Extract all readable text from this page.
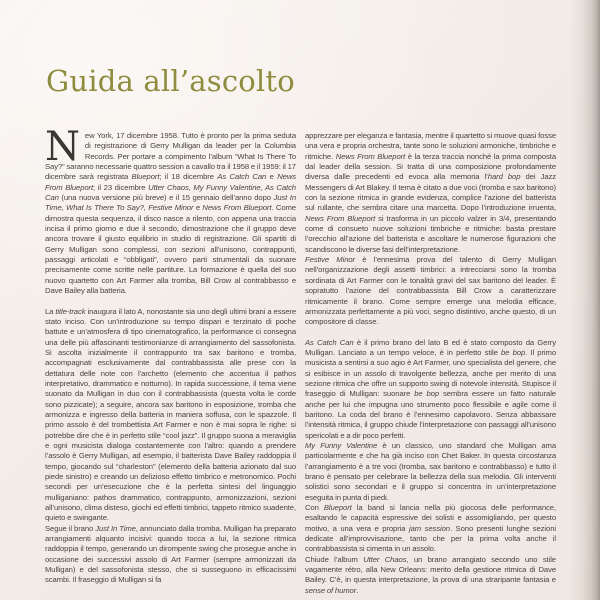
Guida all’ascolto

New York, 17 dicembre 1958. Tutto è pronto per la prima seduta di registrazione di Gerry Mulligan da leader per la Columbia Records. Per portare a compimento l’album “What Is There To Say?” saranno necessarie quattro session a cavallo tra il 1958 e il 1959: il 17 dicembre sarà registrata Blueport; il 18 dicembre As Catch Can e News From Blueport; il 23 dicembre Utter Chaos, My Funny Valentine, As Catch Can (una nuova versione più breve) e il 15 gennaio dell’anno dopo Just In Time, What Is There To Say?, Festive Minor e News From Blueport. Come dimostra questa sequenza, il disco nasce a rilento, con appena una traccia incisa il primo giorno e due il secondo, dimostrazione che il gruppo deve ancora trovare il giusto equilibrio in studio di registrazione. Gli spartiti di Gerry Mulligan sono complessi, con sezioni all’unisono, contrappunti, passaggi articolati e “obbligati”, ovvero parti strumentali da suonare precisamente come scritte nelle partiture. La formazione è quella del suo nuovo quartetto con Art Farmer alla tromba, Bill Crow al contrabbasso e Dave Bailey alla batteria.

La title-track inaugura il lato A, nonostante sia uno degli ultimi brani a essere stato inciso. Con un’introduzione su tempo dispari e terzinato di poche battute e un’atmosfera di tipo cinematografico, la performance ci consegna una delle più affascinanti testimonianze di arrangiamento del sassofonista. Si ascolta inizialmente il contrappunto tra sax baritono e tromba, accompagnati esclusivamente dal contrabbassista alle prese con la dettatura delle note con l’archetto (elemento che accentua il pathos interpretativo, drammatico e notturno). In rapida successione, il tema viene suonato da Mulligan in duo con il contrabbassista (questa volta le corde sono pizzicate); a seguire, ancora sax baritono in esposizione, tromba che armonizza e ingresso della batteria in maniera soffusa, con le spazzole. Il primo assolo è del trombettista Art Farmer e non è mai sopra le righe: si potrebbe dire che è in perfetto stile “cool jazz”. Il gruppo suona a meraviglia e ogni musicista dialoga costantemente con l’altro: quando a prendere l’assolo è Gerry Mulligan, ad esempio, il batterista Dave Bailey raddoppia il tempo, giocando sul “charleston” (elemento della batteria azionato dal suo piede sinistro) e creando un delizioso effetto timbrico e metronomico. Pochi secondi per un’esecuzione che è la perfetta sintesi del linguaggio mulliganiano: pathos drammatico, contrappunto, armonizzazioni, sezioni all’unisono, clima disteso, giochi ed effetti timbrici, tappeto ritmico suadente, quieto e swingante.

Segue il brano Just In Time, annunciato dalla tromba. Mulligan ha preparato arrangiamenti alquanto incisivi: quando tocca a lui, la sezione ritmica raddoppia il tempo, generando un dirompente swing che prosegue anche in occasione dei successivi assolo di Art Farmer (sempre armonizzati da Mulligan) e del sassofonista stesso, che si susseguono in efficacissimi scambi. Il fraseggio di Mulligan si fa

apprezzare per eleganza e fantasia, mentre il quartetto si muove quasi fosse una vera e propria orchestra, tante sono le soluzioni armoniche, timbriche e ritmiche. News From Blueport è la terza traccia nonché la prima composta dal leader della session. Si tratta di una composizione profondamente diversa dalle precedenti ed evoca alla memoria l’hard bop dei Jazz Messengers di Art Blakey. Il tema è citato a due voci (tromba e sax baritono) con la sezione ritmica in grande evidenza, complice l’azione del batterista sul rullante, che sembra citare una marcetta. Dopo l’introduzione irruenta, News From Blueport si trasforma in un piccolo valzer in 3/4, presentando come di consueto nuove soluzioni timbriche e ritmiche: basta prestare l’orecchio all’azione del batterista e ascoltare le numerose figurazioni che scandiscono le diverse fasi dell’interpretazione.

Festive Minor è l’ennesima prova del talento di Gerry Mulligan nell’organizzazione degli assetti timbrici: a intrecciarsi sono la tromba sordinata di Art Farmer con le tonalità gravi del sax baritono del leader. È sopratutto l’azione del contrabbassista Bill Crow a caratterizzare ritmicamente il brano. Come sempre emerge una melodia efficace, armonizzata perfettamente a più voci, segno distintivo, anche questo, di un compositore di classe.

As Catch Can è il primo brano del lato B ed è stato composto da Gerry Mulligan. Lanciato a un tempo veloce, è in perfetto stile be bop. Il primo musicista a sentirsi a suo agio è Art Farmer, uno specialista del genere, che si esibisce in un assolo di travolgente bellezza, anche per merito di una sezione ritmica che offre un supporto swing di notevole intensità. Stupisce il fraseggio di Mulligan: suonare be bop sembra essere un fatto naturale anche per lui che impugna uno strumento poco flessibile e agile come il baritono. La coda del brano è l’ennesimo capolavoro. Senza abbassare l’intensità ritmica, il gruppo chiude l’interpretazione con passaggi all’unisono spericolati e a dir poco perfetti.

My Funny Valentine è un classico, uno standard che Mulligan ama particolarmente e che ha già inciso con Chet Baker. In questa circostanza l’arrangiamento è a tre voci (tromba, sax baritono e contrabbasso) e tutto il brano è pensato per celebrare la bellezza della sua melodia. Gli interventi solistici sono secondari e il gruppo si concentra in un’interpretazione eseguita in punta di piedi.

Con Blueport la band si lancia nella più giocosa delle performance, esaltando le capacità espressive dei solisti e assomigliando, per questo motivo, a una vera e propria jam session. Sono presenti lunghe sezioni dedicate all’improvvisazione, tanto che per la prima volta anche il contrabbassista si cimenta in un assolo.

Chiude l’album Utter Chaos, un brano arrangiato secondo uno stile vagamente rétro, alla New Orleans: merito della gestione ritmica di Dave Bailey. C’è, in questa interpretazione, la prova di una straripante fantasia e sense of humor.
